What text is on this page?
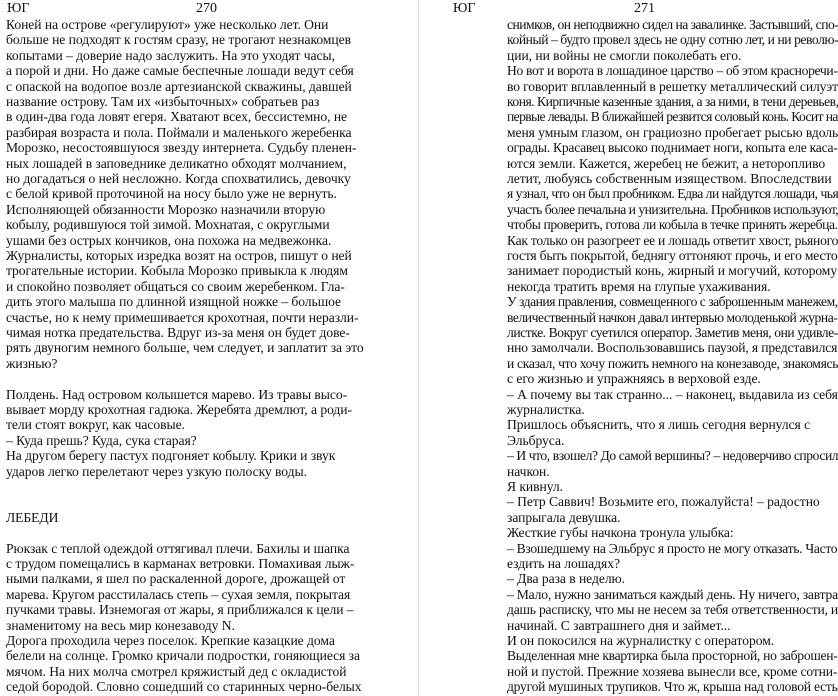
ЮГ	270
Коней на острове «регулируют» уже несколько лет. Они
больше не подходят к гостям сразу, не трогают незнакомцев
копытами – доверие надо заслужить. На это уходят часы,
а порой и дни. Но даже самые беспечные лошади ведут себя
с опаской на водопое возле артезианской скважины, давшей
название острову. Там их «избыточных» собратьев раз
в один-два года ловят егеря. Хватают всех, бессистемно, не
разбирая возраста и пола. Поймали и маленького жеребенка
Морозко, несостоявшуюся звезду интернета. Судьбу пленен-
ных лошадей в заповеднике деликатно обходят молчанием,
но догадаться о ней несложно. Когда спохватились, девочку
с белой кривой проточиной на носу было уже не вернуть.
Исполняющей обязанности Морозко назначили вторую
кобылу, родившуюся той зимой. Мохнатая, с округлыми
ушами без острых кончиков, она похожа на медвежонка.
Журналисты, которых изредка возят на остров, пишут о ней
трогательные истории. Кобыла Морозко привыкла к людям
и спокойно позволяет общаться со своим жеребенком. Гла-
дить этого малыша по длинной изящной ножке – большое
счастье, но к нему примешивается крохотная, почти неразли-
чимая нотка предательства. Вдруг из-за меня он будет дове-
рять двуногим немного больше, чем следует, и заплатит за это
жизнью?
Полдень. Над островом колышется марево. Из травы высо-
вывает морду крохотная гадюка. Жеребята дремлют, а роди-
тели стоят вокруг, как часовые.
– Куда прешь? Куда, сука старая?
На другом берегу пастух подгоняет кобылу. Крики и звук
ударов легко перелетают через узкую полоску воды.
ЛЕБЕДИ
Рюкзак с теплой одеждой оттягивал плечи. Бахилы и шапка
с трудом помещались в карманах ветровки. Помахивая лыж-
ными палками, я шел по раскаленной дороге, дрожащей от
марева. Кругом расстилалась степь – сухая земля, покрытая
пучками травы. Изнемогая от жары, я приближался к цели –
знаменитому на весь мир конезаводу N.
Дорога проходила через поселок. Крепкие казацкие дома
белели на солнце. Громко кричали подростки, гоняющиеся за
мячом. На них молча смотрел кряжистый дед с окладистой
седой бородой. Словно сошедший со старинных черно-белых
ЮГ	271
снимков, он неподвижно сидел на завалинке. Застывший, спо-
койный – будто провел здесь не одну сотню лет, и ни револю-
ции, ни войны не смогли поколебать его.
Но вот и ворота в лошадиное царство – об этом красноречи-
во говорит вплавленный в решетку металлический силуэт
коня. Кирпичные казенные здания, а за ними, в тени деревьев,
первые левады. В ближайшей резвится соловый конь. Косит на
меня умным глазом, он грациозно пробегает рысью вдоль
ограды. Красавец высоко поднимает ноги, копыта еле каса-
ются земли. Кажется, жеребец не бежит, а неторопливо
летит, любуясь собственным изяществом. Впоследствии
я узнал, что он был пробником. Едва ли найдутся лошади, чья
участь более печальна и унизительна. Пробников используют,
чтобы проверить, готова ли кобыла в течке принять жеребца.
Как только он разогреет ее и лошадь ответит хвост, рьяного
гостя быть покрытой, беднягу оттоняют прочь, и его место
занимает породистый конь, жирный и могучий, которому
некогда тратить время на глупые ухаживания.
У здания правления, совмещенного с заброшенным манежем,
величественный начкон давал интервью молоденькой журна-
листке. Вокруг суетился оператор. Заметив меня, они удивле-
нно замолчали. Воспользовавшись паузой, я представился
и сказал, что хочу пожить немного на конезаводе, знакомясь
с его жизнью и упражняясь в верховой езде.
– А почему вы так странно... – наконец, выдавила из себя
журналистка.
Пришлось объяснить, что я лишь сегодня вернулся с
Эльбруса.
– И что, взошел? До самой вершины? – недоверчиво спросил
начкон.
Я кивнул.
– Петр Саввич! Возьмите его, пожалуйста! – радостно
запрыгала девушка.
Жесткие губы начкона тронула улыбка:
– Взошедшему на Эльбрус я просто не могу отказать. Часто
ездить на лошадях?
– Два раза в неделю.
– Мало, нужно заниматься каждый день. Ну ничего, завтра
дашь расписку, что мы не несем за тебя ответственности, и
начинай. С завтрашнего дня и займет...
И он покосился на журналистку с оператором.
Выделенная мне квартирка была просторной, но заброшен-
ной и пустой. Прежние хозяева вынесли все, кроме сотни-
другой мушиных трупиков. Что ж, крыша над головой есть
